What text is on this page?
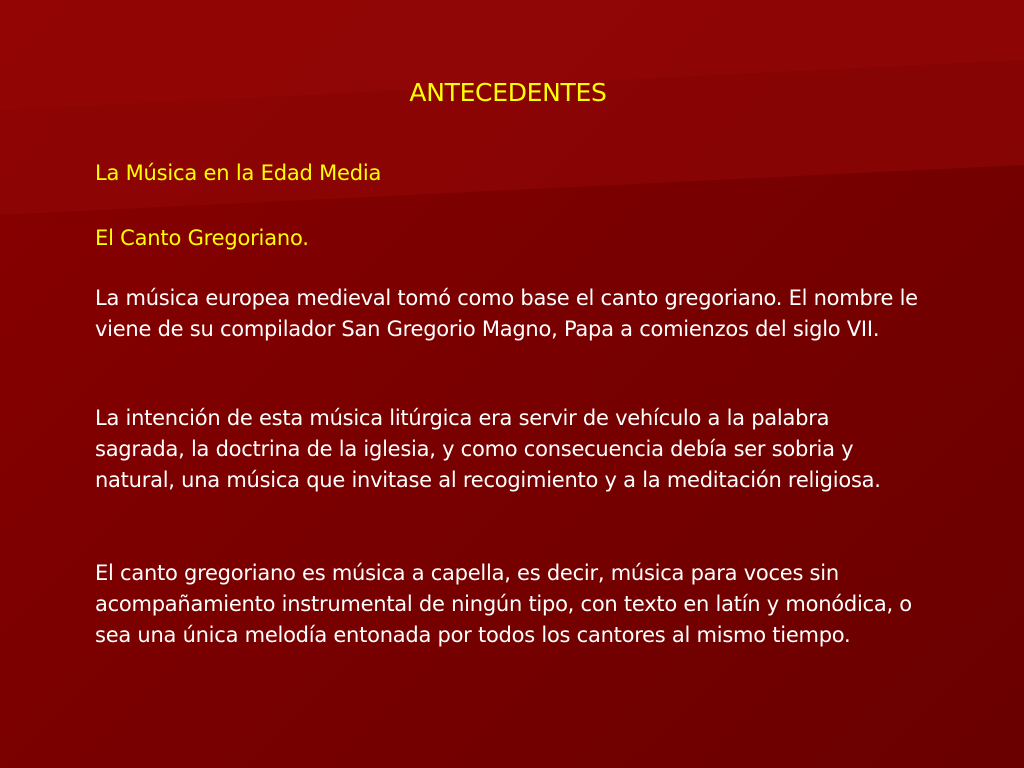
ANTECEDENTES
La Música en la Edad Media
El Canto Gregoriano.

La música europea medieval tomó como base el canto gregoriano. El nombre le viene de su compilador San Gregorio Magno, Papa a comienzos del siglo VII.

La intención de esta música litúrgica era servir de vehículo a la palabra sagrada, la doctrina de la iglesia, y como consecuencia debía ser sobria y natural, una música que invitase al recogimiento y a la meditación religiosa.

El canto gregoriano es música a capella, es decir, música para voces sin acompañamiento instrumental de ningún tipo, con texto en latín y monódica, o sea una única melodía entonada por todos los cantores al mismo tiempo.
